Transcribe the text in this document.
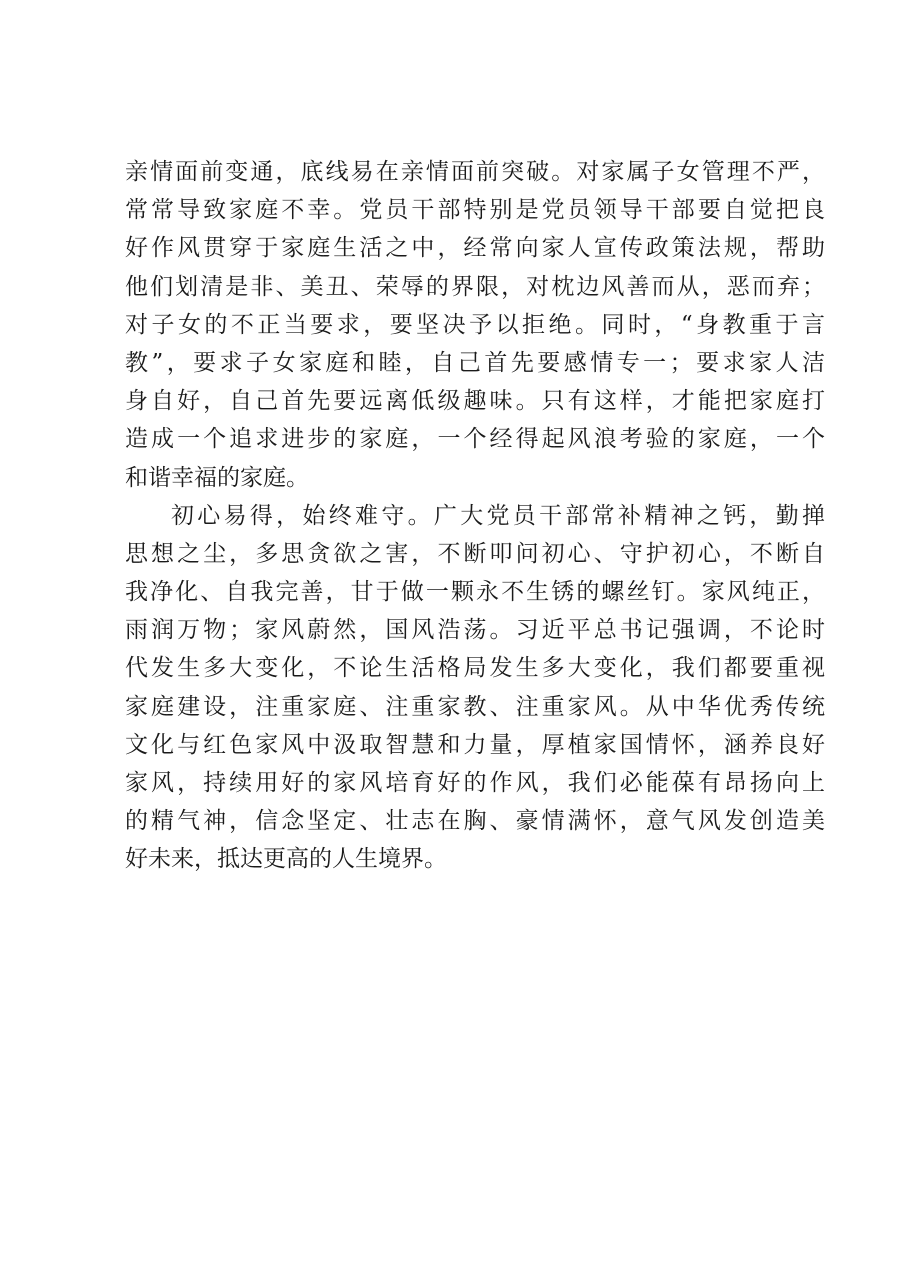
亲情面前变通，底线易在亲情面前突破。对家属子女管理不严，
常常导致家庭不幸。党员干部特别是党员领导干部要自觉把良
好作风贯穿于家庭生活之中，经常向家人宣传政策法规，帮助
他们划清是非、美丑、荣辱的界限，对枕边风善而从，恶而弃；
对子女的不正当要求，要坚决予以拒绝。同时，“身教重于言
教”，要求子女家庭和睦，自己首先要感情专一；要求家人洁
身自好，自己首先要远离低级趣味。只有这样，才能把家庭打
造成一个追求进步的家庭，一个经得起风浪考验的家庭，一个
和谐幸福的家庭。
初心易得，始终难守。广大党员干部常补精神之钙，勤掸
思想之尘，多思贪欲之害，不断叩问初心、守护初心，不断自
我净化、自我完善，甘于做一颗永不生锈的螺丝钉。家风纯正，
雨润万物；家风蔚然，国风浩荡。习近平总书记强调，不论时
代发生多大变化，不论生活格局发生多大变化，我们都要重视
家庭建设，注重家庭、注重家教、注重家风。从中华优秀传统
文化与红色家风中汲取智慧和力量，厚植家国情怀，涵养良好
家风，持续用好的家风培育好的作风，我们必能葆有昂扬向上
的精气神，信念坚定、壮志在胸、豪情满怀，意气风发创造美
好未来，抵达更高的人生境界。
